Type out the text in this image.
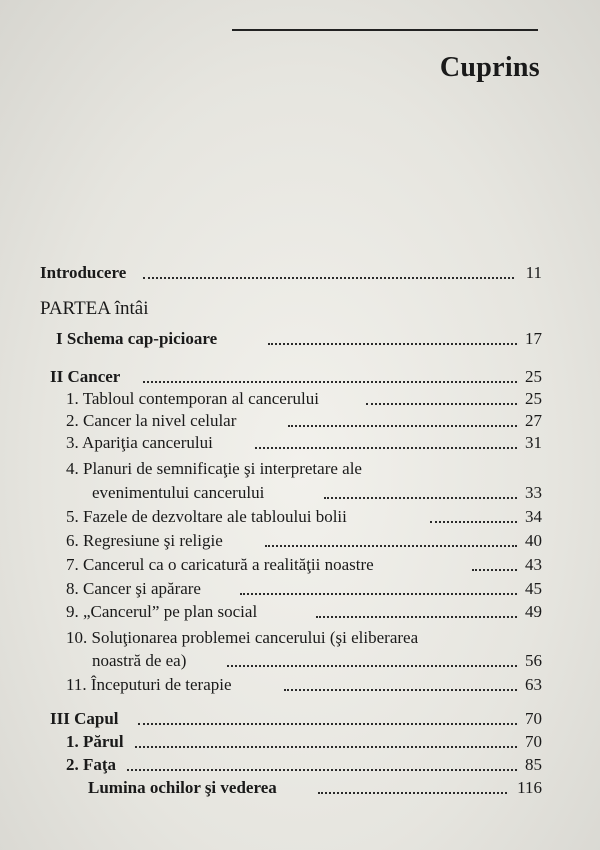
Cuprins
Introducere	11
PARTEA întâi
I Schema cap-picioare	17
II Cancer	25
1. Tabloul contemporan al cancerului	25
2. Cancer la nivel celular	27
3. Apariţia cancerului	31
4. Planuri de semnificaţie şi interpretare ale
evenimentului cancerului	33
5. Fazele de dezvoltare ale tabloului bolii	34
6. Regresiune şi religie	40
7. Cancerul ca o caricatură a realităţii noastre	43
8. Cancer şi apărare	45
9. „Cancerul” pe plan social	49
10. Soluţionarea problemei cancerului (şi eliberarea
noastră de ea)	56
11. Începuturi de terapie	63
III Capul	70
1. Părul	70
2. Faţa	85
Lumina ochilor şi vederea	116
